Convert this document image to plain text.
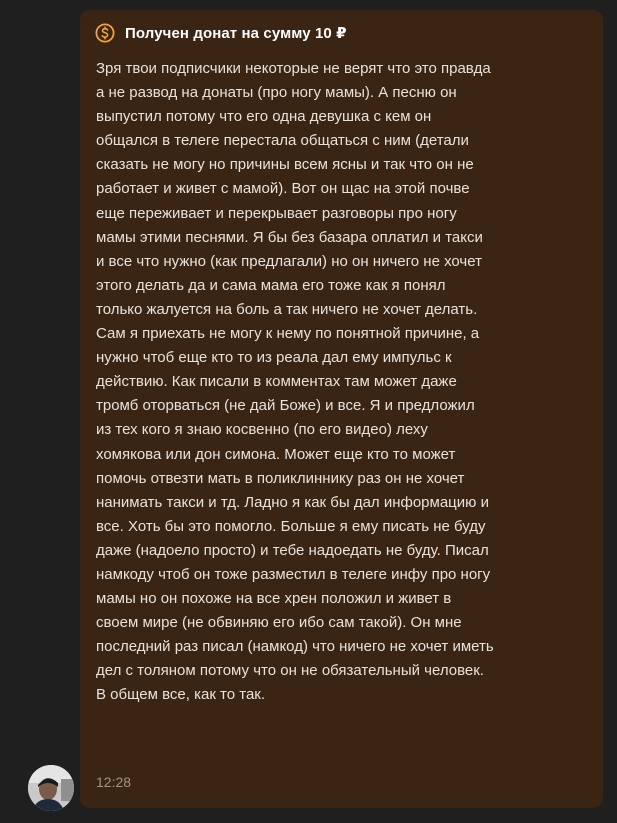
Получен донат на сумму 10 ₽

Зря твои подписчики некоторые не верят что это правда а не развод на донаты (про ногу мамы). А песню он выпустил потому что его одна девушка с кем он общался в телеге перестала общаться с ним (детали сказать не могу но причины всем ясны и так что он не работает и живет с мамой). Вот он щас на этой почве еще переживает и перекрывает разговоры про ногу мамы этими песнями. Я бы без базара оплатил и такси и все что нужно (как предлагали) но он ничего не хочет этого делать да и сама мама его тоже как я понял только жалуется на боль а так ничего не хочет делать. Сам я приехать не могу к нему по понятной причине, а нужно чтоб еще кто то из реала дал ему импульс к действию. Как писали в комментах там может даже тромб оторваться (не дай Боже) и все. Я и предложил из тех кого я знаю косвенно (по его видео) леху хомякова или дон симона. Может еще кто то может помочь отвезти мать в поликлиннику раз он не хочет нанимать такси и тд. Ладно я как бы дал информацию и все. Хоть бы это помогло. Больше я ему писать не буду даже (надоело просто) и тебе надоедать не буду. Писал намкоду чтоб он тоже разместил в телеге инфу про ногу мамы но он похоже на все хрен положил и живет в своем мире (не обвиняю его ибо сам такой). Он мне последний раз писал (намкод) что ничего не хочет иметь дел с толяном потому что он не обязательный человек. В общем все, как то так.

12:28
